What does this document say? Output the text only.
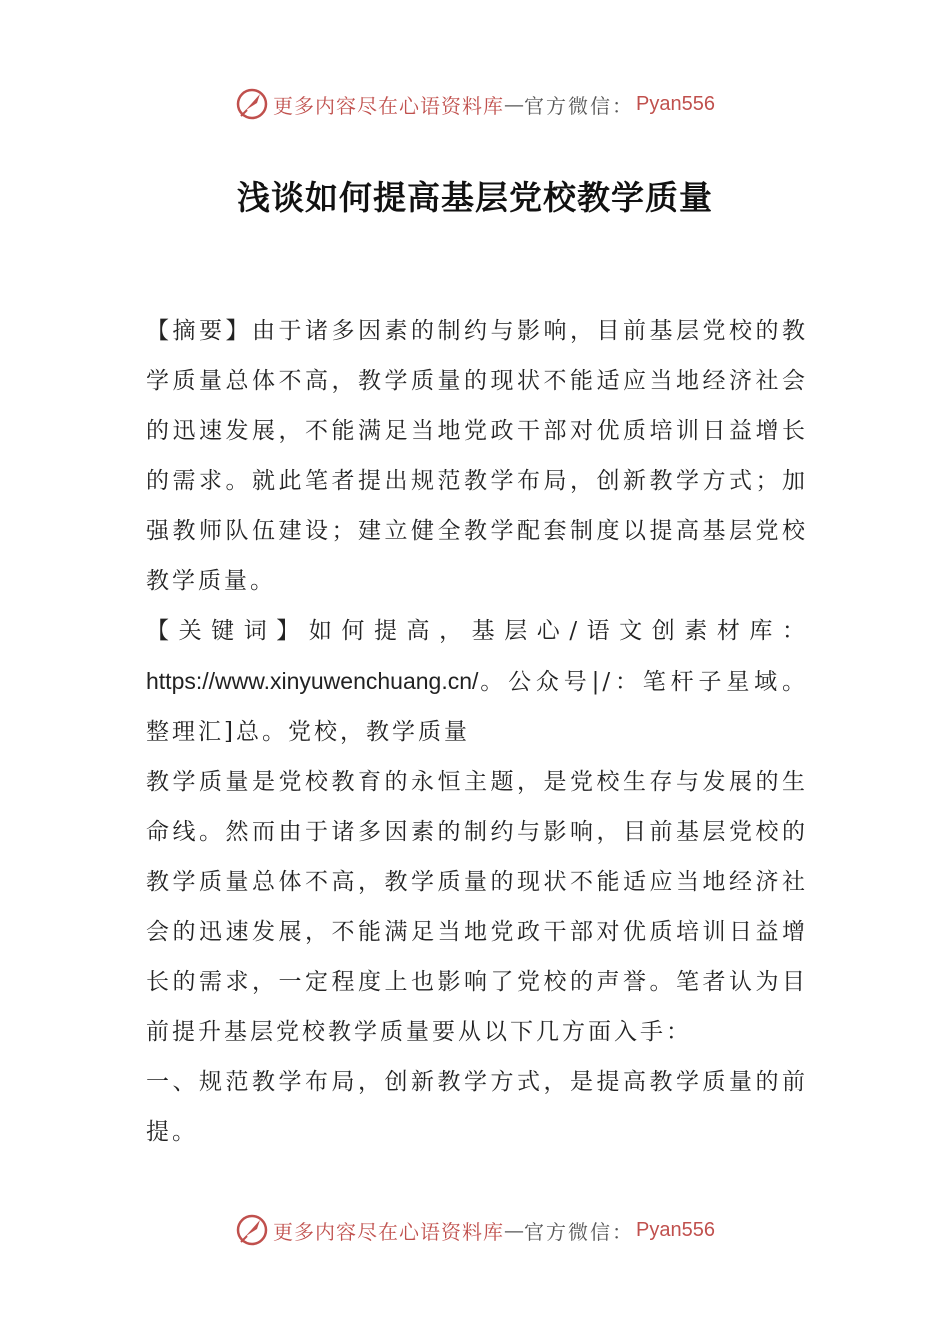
更多内容尽在心语资料库 — 官方微信： Pyan556
浅谈如何提高基层党校教学质量

【摘要】由于诸多因素的制约与影响，目前基层党校的教学质量总体不高，教学质量的现状不能适应当地经济社会的迅速发展，不能满足当地党政干部对优质培训日益增长的需求。就此笔者提出规范教学布局，创新教学方式；加强教师队伍建设；建立健全教学配套制度以提高基层党校教学质量。

【关键词】如何提高，基层心/语文创素材库：https://www.xinyuwenchuang.cn/。公众号|/：笔杆子星域。整理汇]总。党校，教学质量

教学质量是党校教育的永恒主题，是党校生存与发展的生命线。然而由于诸多因素的制约与影响，目前基层党校的教学质量总体不高，教学质量的现状不能适应当地经济社会的迅速发展，不能满足当地党政干部对优质培训日益增长的需求，一定程度上也影响了党校的声誉。笔者认为目前提升基层党校教学质量要从以下几方面入手：

一、规范教学布局，创新教学方式，是提高教学质量的前提。

更多内容尽在心语资料库 — 官方微信： Pyan556
